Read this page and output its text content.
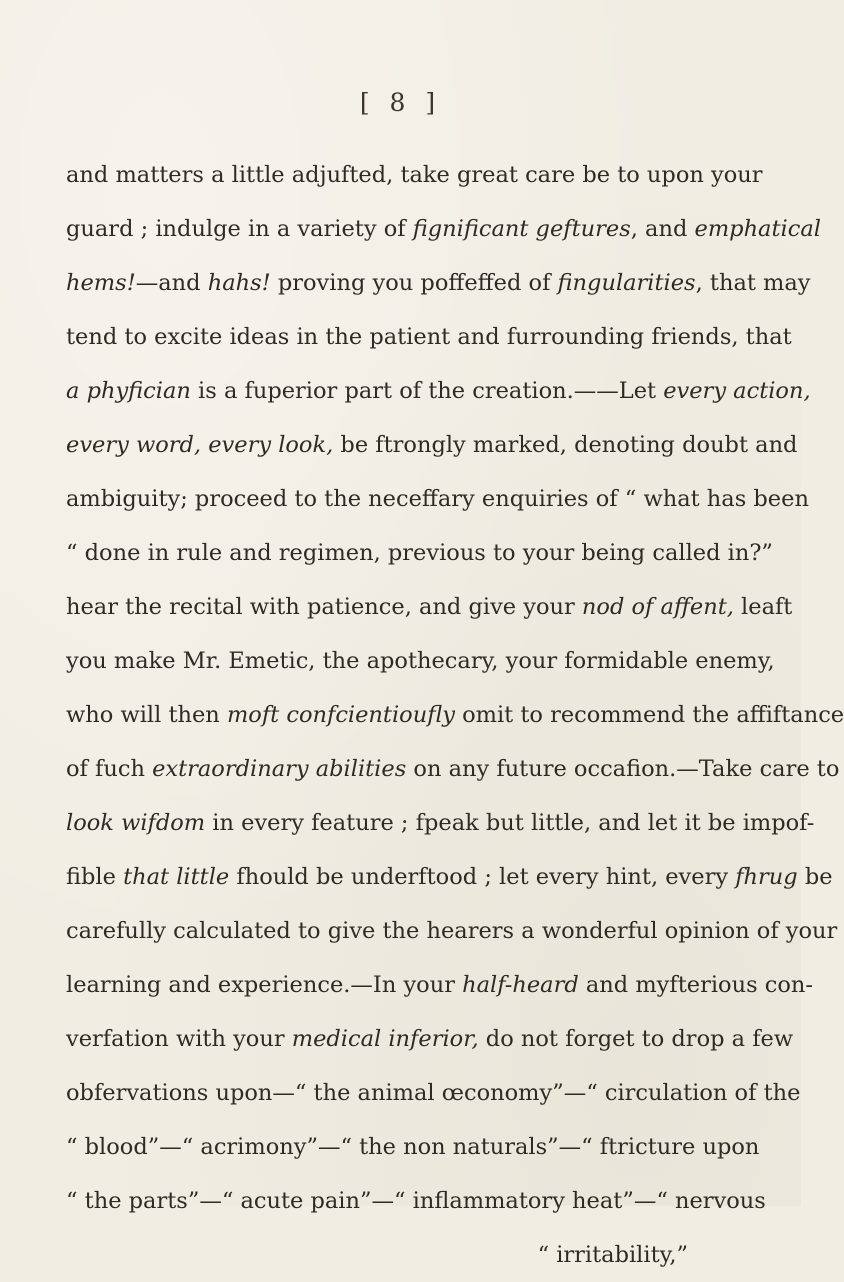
[ 8 ]
and matters a little adjufted, take great care be to upon your
guard ; indulge in a variety of fignificant geftures, and emphatical
hems!—and hahs! proving you poffeffed of fingularities, that may
tend to excite ideas in the patient and furrounding friends, that
a phyfician is a fuperior part of the creation.——Let every action,
every word, every look, be ftrongly marked, denoting doubt and
ambiguity; proceed to the neceffary enquiries of “ what has been
“ done in rule and regimen, previous to your being called in?”
hear the recital with patience, and give your nod of affent, leaft
you make Mr. Emetic, the apothecary, your formidable enemy,
who will then moft confcientioufly omit to recommend the affiftance
of fuch extraordinary abilities on any future occafion.—Take care to
look wifdom in every feature ; fpeak but little, and let it be impof-
fible that little fhould be underftood ; let every hint, every fhrug be
carefully calculated to give the hearers a wonderful opinion of your
learning and experience.—In your half-heard and myfterious con-
verfation with your medical inferior, do not forget to drop a few
obfervations upon—“ the animal œconomy”—“ circulation of the
“ blood”—“ acrimony”—“ the non naturals”—“ ftricture upon
“ the parts”—“ acute pain”—“ inflammatory heat”—“ nervous
“ irritability,”
